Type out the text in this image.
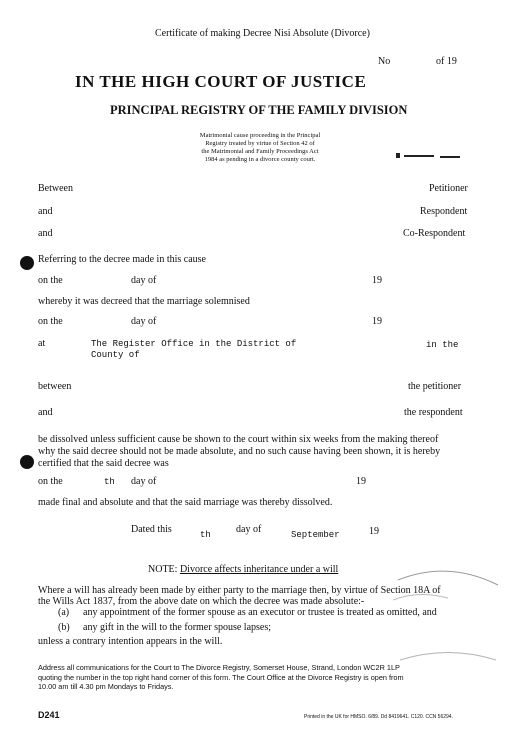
Certificate of making Decree Nisi Absolute (Divorce)
No	of 19
IN THE HIGH COURT OF JUSTICE
PRINCIPAL REGISTRY OF THE FAMILY DIVISION
Matrimonial cause proceeding in the Principal
Registry treated by virtue of Section 42 of
the Matrimonial and Family Proceedings Act
1984 as pending in a divorce county court.
Between	Petitioner
and	Respondent
and	Co-Respondent
Referring to the decree made in this cause
on the	day of	19
whereby it was decreed that the marriage solemnised
on the	day of	19
at	The Register Office in the District of
County of
in the
between	the petitioner
and	the respondent
be dissolved unless sufficient cause be shown to the court within six weeks from the making thereof
why the said decree should not be made absolute, and no such cause having been shown, it is hereby
certified that the said decree was
on the	th day of	19
made final and absolute and that the said marriage was thereby dissolved.
Dated this	th	day of	September	19
NOTE: Divorce affects inheritance under a will
Where a will has already been made by either party to the marriage then, by virtue of Section 18A of
the Wills Act 1837, from the above date on which the decree was made absolute:-
(a) any appointment of the former spouse as an executor or trustee is treated as omitted, and
(b) any gift in the will to the former spouse lapses;
unless a contrary intention appears in the will.
Address all communications for the Court to The Divorce Registry, Somerset House, Strand, London WC2R 1LP
quoting the number in the top right hand corner of this form. The Court Office at the Divorce Registry is open from
10.00 am till 4.30 pm Mondays to Fridays.
D241	Printed in the UK for HMSO. 6/89. Dd 8419641. C120. CCN 56294.
